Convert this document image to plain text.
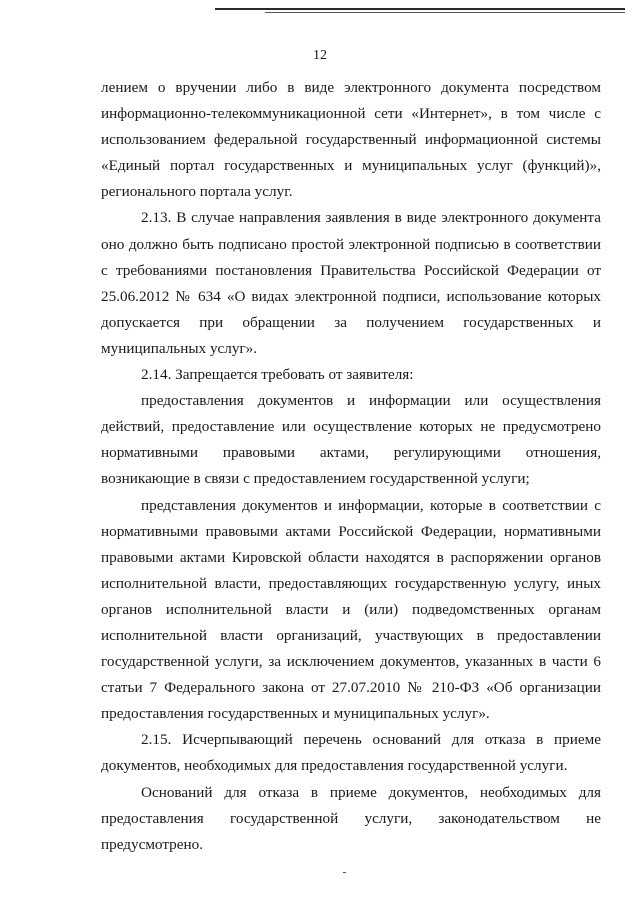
12

лением о вручении либо в виде электронного документа посредством информационно-телекоммуникационной сети «Интернет», в том числе с использованием федеральной государственный информационной системы «Единый портал государственных и муниципальных услуг (функций)», регионального портала услуг.

2.13. В случае направления заявления в виде электронного документа оно должно быть подписано простой электронной подписью в соответствии с требованиями постановления Правительства Российской Федерации от 25.06.2012 № 634 «О видах электронной подписи, использование которых допускается при обращении за получением государственных и муниципальных услуг».

2.14. Запрещается требовать от заявителя:

предоставления документов и информации или осуществления действий, предоставление или осуществление которых не предусмотрено нормативными правовыми актами, регулирующими отношения, возникающие в связи с предоставлением государственной услуги;

представления документов и информации, которые в соответствии с нормативными правовыми актами Российской Федерации, нормативными правовыми актами Кировской области находятся в распоряжении органов исполнительной власти, предоставляющих государственную услугу, иных органов исполнительной власти и (или) подведомственных органам исполнительной власти организаций, участвующих в предоставлении государственной услуги, за исключением документов, указанных в части 6 статьи 7 Федерального закона от 27.07.2010 № 210-ФЗ «Об организации предоставления государственных и муниципальных услуг».

2.15. Исчерпывающий перечень оснований для отказа в приеме документов, необходимых для предоставления государственной услуги.

Оснований для отказа в приеме документов, необходимых для предоставления государственной услуги, законодательством не предусмотрено.
